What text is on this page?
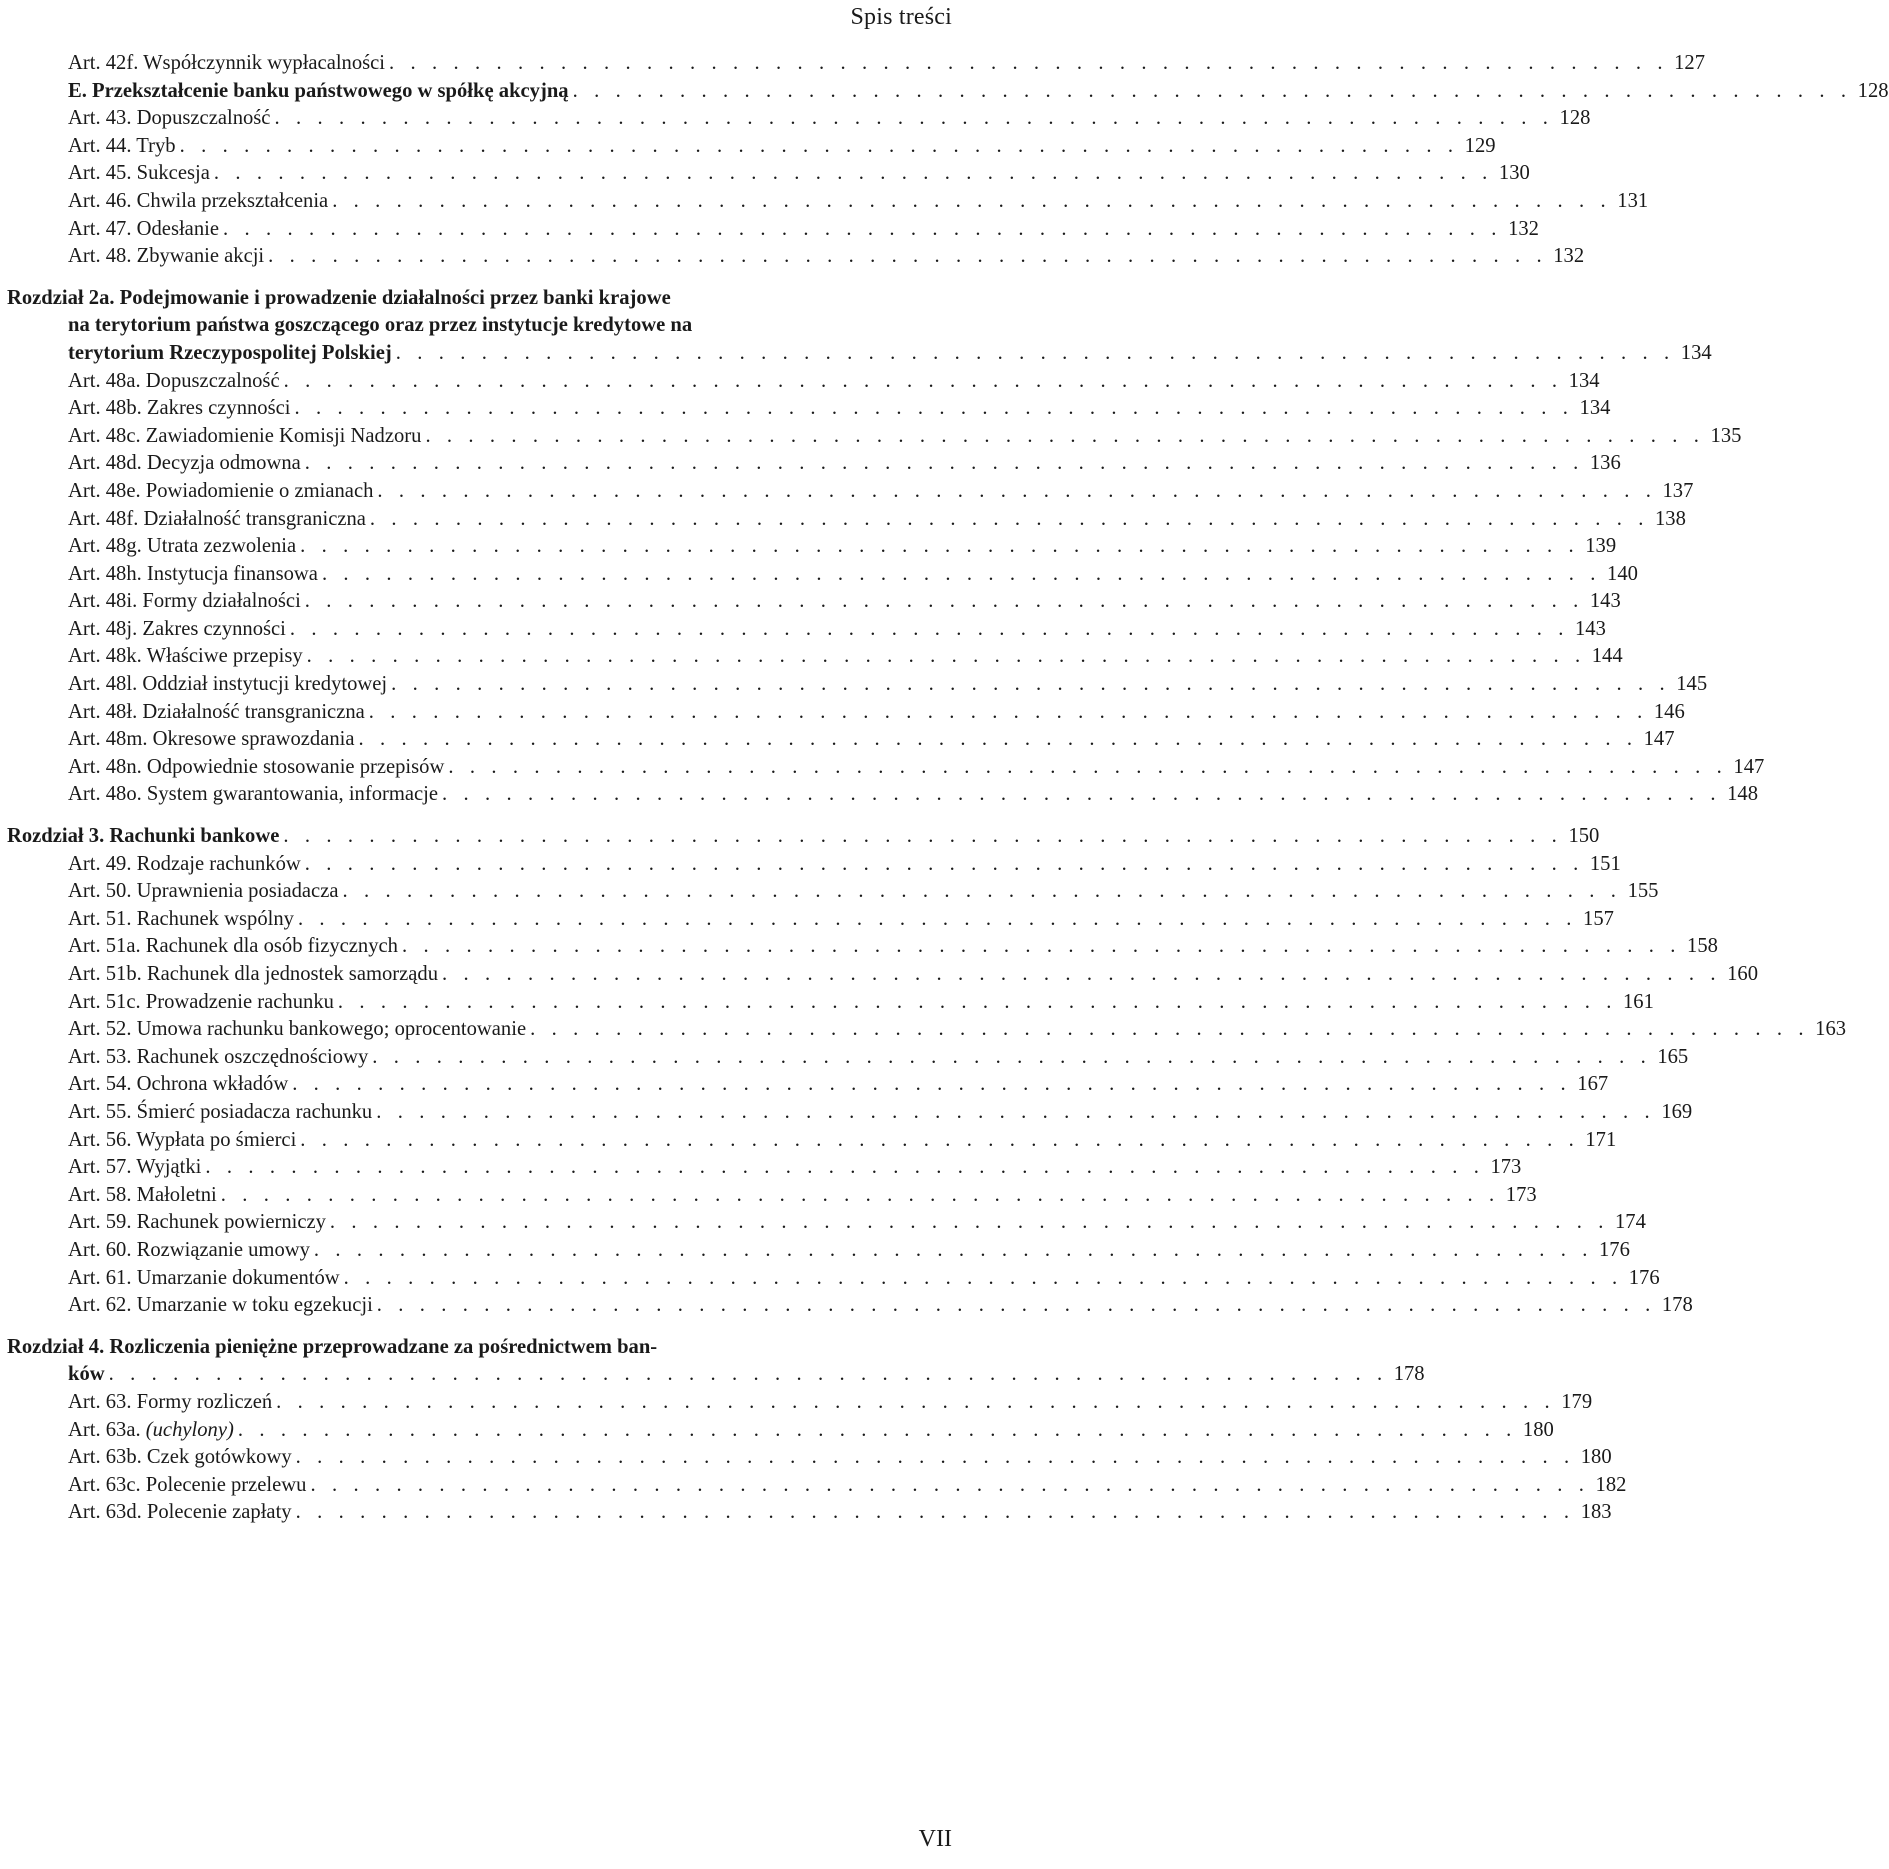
Spis treści
Art. 42f. Współczynnik wypłacalności . . . . . . . . . . . . . . . . . . . . . . . . . . . . . . . . . . . . . . . . . . . . . . . . . . . . . . . . . . . . 127
E. Przekształcenie banku państwowego w spółkę akcyjną . . . . . . . . . . . . . . . . . . . . . . . . . . . . . . . . . . . . . . . . . . . . . . . . . . . . . . . . . . . . 128
Art. 43. Dopuszczalność . . . . . . . . . . . . . . . . . . . . . . . . . . . . . . . . . . . . . . . . . . . . . . . . . . . . . . . . . . . . 128
Art. 44. Tryb . . . . . . . . . . . . . . . . . . . . . . . . . . . . . . . . . . . . . . . . . . . . . . . . . . . . . . . . . . . . 129
Art. 45. Sukcesja . . . . . . . . . . . . . . . . . . . . . . . . . . . . . . . . . . . . . . . . . . . . . . . . . . . . . . . . . . . . 130
Art. 46. Chwila przekształcenia . . . . . . . . . . . . . . . . . . . . . . . . . . . . . . . . . . . . . . . . . . . . . . . . . . . . . . . . . . . . 131
Art. 47. Odesłanie . . . . . . . . . . . . . . . . . . . . . . . . . . . . . . . . . . . . . . . . . . . . . . . . . . . . . . . . . . . . 132
Art. 48. Zbywanie akcji . . . . . . . . . . . . . . . . . . . . . . . . . . . . . . . . . . . . . . . . . . . . . . . . . . . . . . . . . . . . 132
Rozdział 2a. Podejmowanie i prowadzenie działalności przez banki krajowe
na terytorium państwa goszczącego oraz przez instytucje kredytowe na
terytorium Rzeczypospolitej Polskiej . . . . . . . . . . . . . . . . . . . . . . . . . . . . . . . . . . . . . . . . . . . . . . . . . . . . . . . . . . . . 134
Art. 48a. Dopuszczalność . . . . . . . . . . . . . . . . . . . . . . . . . . . . . . . . . . . . . . . . . . . . . . . . . . . . . . . . . . . . 134
Art. 48b. Zakres czynności . . . . . . . . . . . . . . . . . . . . . . . . . . . . . . . . . . . . . . . . . . . . . . . . . . . . . . . . . . . . 134
Art. 48c. Zawiadomienie Komisji Nadzoru . . . . . . . . . . . . . . . . . . . . . . . . . . . . . . . . . . . . . . . . . . . . . . . . . . . . . . . . . . . . 135
Art. 48d. Decyzja odmowna . . . . . . . . . . . . . . . . . . . . . . . . . . . . . . . . . . . . . . . . . . . . . . . . . . . . . . . . . . . . 136
Art. 48e. Powiadomienie o zmianach . . . . . . . . . . . . . . . . . . . . . . . . . . . . . . . . . . . . . . . . . . . . . . . . . . . . . . . . . . . . 137
Art. 48f. Działalność transgraniczna . . . . . . . . . . . . . . . . . . . . . . . . . . . . . . . . . . . . . . . . . . . . . . . . . . . . . . . . . . . . 138
Art. 48g. Utrata zezwolenia . . . . . . . . . . . . . . . . . . . . . . . . . . . . . . . . . . . . . . . . . . . . . . . . . . . . . . . . . . . . 139
Art. 48h. Instytucja finansowa . . . . . . . . . . . . . . . . . . . . . . . . . . . . . . . . . . . . . . . . . . . . . . . . . . . . . . . . . . . . 140
Art. 48i. Formy działalności . . . . . . . . . . . . . . . . . . . . . . . . . . . . . . . . . . . . . . . . . . . . . . . . . . . . . . . . . . . . 143
Art. 48j. Zakres czynności . . . . . . . . . . . . . . . . . . . . . . . . . . . . . . . . . . . . . . . . . . . . . . . . . . . . . . . . . . . . 143
Art. 48k. Właściwe przepisy . . . . . . . . . . . . . . . . . . . . . . . . . . . . . . . . . . . . . . . . . . . . . . . . . . . . . . . . . . . . 144
Art. 48l. Oddział instytucji kredytowej . . . . . . . . . . . . . . . . . . . . . . . . . . . . . . . . . . . . . . . . . . . . . . . . . . . . . . . . . . . . 145
Art. 48ł. Działalność transgraniczna . . . . . . . . . . . . . . . . . . . . . . . . . . . . . . . . . . . . . . . . . . . . . . . . . . . . . . . . . . . . 146
Art. 48m. Okresowe sprawozdania . . . . . . . . . . . . . . . . . . . . . . . . . . . . . . . . . . . . . . . . . . . . . . . . . . . . . . . . . . . . 147
Art. 48n. Odpowiednie stosowanie przepisów . . . . . . . . . . . . . . . . . . . . . . . . . . . . . . . . . . . . . . . . . . . . . . . . . . . . . . . . . . . . 147
Art. 48o. System gwarantowania, informacje . . . . . . . . . . . . . . . . . . . . . . . . . . . . . . . . . . . . . . . . . . . . . . . . . . . . . . . . . . . . 148
Rozdział 3. Rachunki bankowe . . . . . . . . . . . . . . . . . . . . . . . . . . . . . . . . . . . . . . . . . . . . . . . . . . . . . . . . . . . . 150
Art. 49. Rodzaje rachunków . . . . . . . . . . . . . . . . . . . . . . . . . . . . . . . . . . . . . . . . . . . . . . . . . . . . . . . . . . . . 151
Art. 50. Uprawnienia posiadacza . . . . . . . . . . . . . . . . . . . . . . . . . . . . . . . . . . . . . . . . . . . . . . . . . . . . . . . . . . . . 155
Art. 51. Rachunek wspólny . . . . . . . . . . . . . . . . . . . . . . . . . . . . . . . . . . . . . . . . . . . . . . . . . . . . . . . . . . . . 157
Art. 51a. Rachunek dla osób fizycznych . . . . . . . . . . . . . . . . . . . . . . . . . . . . . . . . . . . . . . . . . . . . . . . . . . . . . . . . . . . . 158
Art. 51b. Rachunek dla jednostek samorządu . . . . . . . . . . . . . . . . . . . . . . . . . . . . . . . . . . . . . . . . . . . . . . . . . . . . . . . . . . . . 160
Art. 51c. Prowadzenie rachunku . . . . . . . . . . . . . . . . . . . . . . . . . . . . . . . . . . . . . . . . . . . . . . . . . . . . . . . . . . . . 161
Art. 52. Umowa rachunku bankowego; oprocentowanie . . . . . . . . . . . . . . . . . . . . . . . . . . . . . . . . . . . . . . . . . . . . . . . . . . . . . . . . . . . . 163
Art. 53. Rachunek oszczędnościowy . . . . . . . . . . . . . . . . . . . . . . . . . . . . . . . . . . . . . . . . . . . . . . . . . . . . . . . . . . . . 165
Art. 54. Ochrona wkładów . . . . . . . . . . . . . . . . . . . . . . . . . . . . . . . . . . . . . . . . . . . . . . . . . . . . . . . . . . . . 167
Art. 55. Śmierć posiadacza rachunku . . . . . . . . . . . . . . . . . . . . . . . . . . . . . . . . . . . . . . . . . . . . . . . . . . . . . . . . . . . . 169
Art. 56. Wypłata po śmierci . . . . . . . . . . . . . . . . . . . . . . . . . . . . . . . . . . . . . . . . . . . . . . . . . . . . . . . . . . . . 171
Art. 57. Wyjątki . . . . . . . . . . . . . . . . . . . . . . . . . . . . . . . . . . . . . . . . . . . . . . . . . . . . . . . . . . . . 173
Art. 58. Małoletni . . . . . . . . . . . . . . . . . . . . . . . . . . . . . . . . . . . . . . . . . . . . . . . . . . . . . . . . . . . . 173
Art. 59. Rachunek powierniczy . . . . . . . . . . . . . . . . . . . . . . . . . . . . . . . . . . . . . . . . . . . . . . . . . . . . . . . . . . . . 174
Art. 60. Rozwiązanie umowy . . . . . . . . . . . . . . . . . . . . . . . . . . . . . . . . . . . . . . . . . . . . . . . . . . . . . . . . . . . . 176
Art. 61. Umarzanie dokumentów . . . . . . . . . . . . . . . . . . . . . . . . . . . . . . . . . . . . . . . . . . . . . . . . . . . . . . . . . . . . 176
Art. 62. Umarzanie w toku egzekucji . . . . . . . . . . . . . . . . . . . . . . . . . . . . . . . . . . . . . . . . . . . . . . . . . . . . . . . . . . . . 178
Rozdział 4. Rozliczenia pieniężne przeprowadzane za pośrednictwem ban-
ków . . . . . . . . . . . . . . . . . . . . . . . . . . . . . . . . . . . . . . . . . . . . . . . . . . . . . . . . . . . . 178
Art. 63. Formy rozliczeń . . . . . . . . . . . . . . . . . . . . . . . . . . . . . . . . . . . . . . . . . . . . . . . . . . . . . . . . . . . . 179
Art. 63a. (uchylony) . . . . . . . . . . . . . . . . . . . . . . . . . . . . . . . . . . . . . . . . . . . . . . . . . . . . . . . . . . . . 180
Art. 63b. Czek gotówkowy . . . . . . . . . . . . . . . . . . . . . . . . . . . . . . . . . . . . . . . . . . . . . . . . . . . . . . . . . . . . 180
Art. 63c. Polecenie przelewu . . . . . . . . . . . . . . . . . . . . . . . . . . . . . . . . . . . . . . . . . . . . . . . . . . . . . . . . . . . . 182
Art. 63d. Polecenie zapłaty . . . . . . . . . . . . . . . . . . . . . . . . . . . . . . . . . . . . . . . . . . . . . . . . . . . . . . . . . . . . 183
VII
